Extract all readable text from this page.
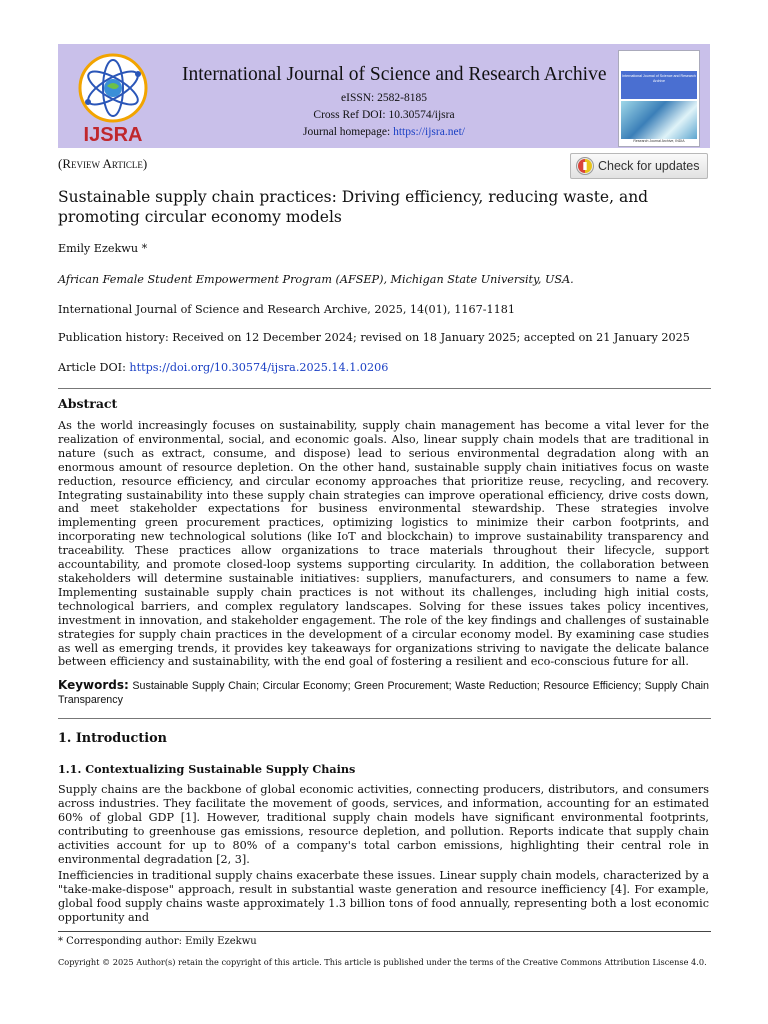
IJSRA
International Journal of Science and Research Archive
eISSN: 2582-8185
Cross Ref DOI: 10.30574/ijsra
Journal homepage: https://ijsra.net/
International Journal of Science and Research Archive
Research Journal Archive, INDIA
(Review Article)	Check for updates
Sustainable supply chain practices: Driving efficiency, reducing waste, and promoting circular economy models
Emily Ezekwu *
African Female Student Empowerment Program (AFSEP), Michigan State University, USA.
International Journal of Science and Research Archive, 2025, 14(01), 1167-1181
Publication history: Received on 12 December 2024; revised on 18 January 2025; accepted on 21 January 2025
Article DOI: https://doi.org/10.30574/ijsra.2025.14.1.0206
Abstract
As the world increasingly focuses on sustainability, supply chain management has become a vital lever for the realization of environmental, social, and economic goals. Also, linear supply chain models that are traditional in nature (such as extract, consume, and dispose) lead to serious environmental degradation along with an enormous amount of resource depletion. On the other hand, sustainable supply chain initiatives focus on waste reduction, resource efficiency, and circular economy approaches that prioritize reuse, recycling, and recovery. Integrating sustainability into these supply chain strategies can improve operational efficiency, drive costs down, and meet stakeholder expectations for business environmental stewardship. These strategies involve implementing green procurement practices, optimizing logistics to minimize their carbon footprints, and incorporating new technological solutions (like IoT and blockchain) to improve sustainability transparency and traceability. These practices allow organizations to trace materials throughout their lifecycle, support accountability, and promote closed-loop systems supporting circularity. In addition, the collaboration between stakeholders will determine sustainable initiatives: suppliers, manufacturers, and consumers to name a few. Implementing sustainable supply chain practices is not without its challenges, including high initial costs, technological barriers, and complex regulatory landscapes. Solving for these issues takes policy incentives, investment in innovation, and stakeholder engagement. The role of the key findings and challenges of sustainable strategies for supply chain practices in the development of a circular economy model. By examining case studies as well as emerging trends, it provides key takeaways for organizations striving to navigate the delicate balance between efficiency and sustainability, with the end goal of fostering a resilient and eco-conscious future for all.
Keywords: Sustainable Supply Chain; Circular Economy; Green Procurement; Waste Reduction; Resource Efficiency; Supply Chain Transparency
1. Introduction
1.1. Contextualizing Sustainable Supply Chains
Supply chains are the backbone of global economic activities, connecting producers, distributors, and consumers across industries. They facilitate the movement of goods, services, and information, accounting for an estimated 60% of global GDP [1]. However, traditional supply chain models have significant environmental footprints, contributing to greenhouse gas emissions, resource depletion, and pollution. Reports indicate that supply chain activities account for up to 80% of a company's total carbon emissions, highlighting their central role in environmental degradation [2, 3].
Inefficiencies in traditional supply chains exacerbate these issues. Linear supply chain models, characterized by a "take-make-dispose" approach, result in substantial waste generation and resource inefficiency [4]. For example, global food supply chains waste approximately 1.3 billion tons of food annually, representing both a lost economic opportunity and
* Corresponding author: Emily Ezekwu
Copyright © 2025 Author(s) retain the copyright of this article. This article is published under the terms of the Creative Commons Attribution Liscense 4.0.
